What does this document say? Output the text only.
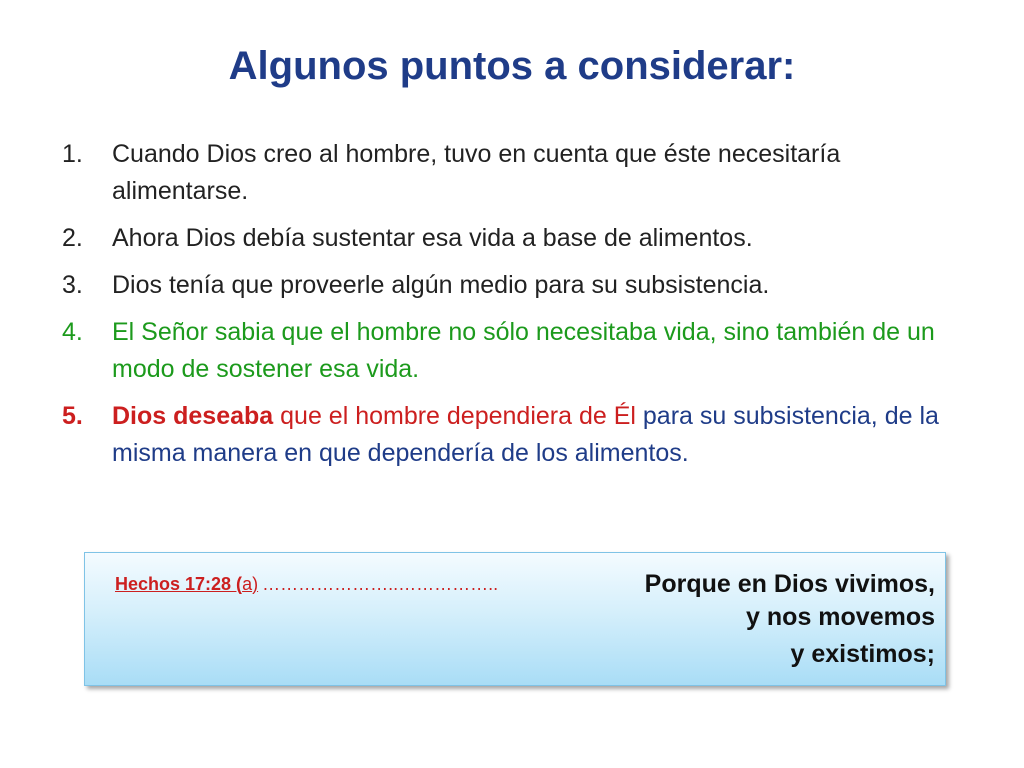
Algunos puntos a considerar:
1. Cuando Dios creo al hombre, tuvo en cuenta que éste necesitaría alimentarse.
2. Ahora Dios debía sustentar esa vida a base de alimentos.
3. Dios tenía que proveerle algún medio para su subsistencia.
4. El Señor sabia que el hombre no sólo necesitaba vida, sino también de un modo de sostener esa vida.
5. Dios deseaba que el hombre dependiera de Él para su subsistencia, de la misma manera en que dependería de los alimentos.
Hechos 17:28 (a) …………………..……………..	Porque en Dios vivimos,
y nos movemos
y existimos;
